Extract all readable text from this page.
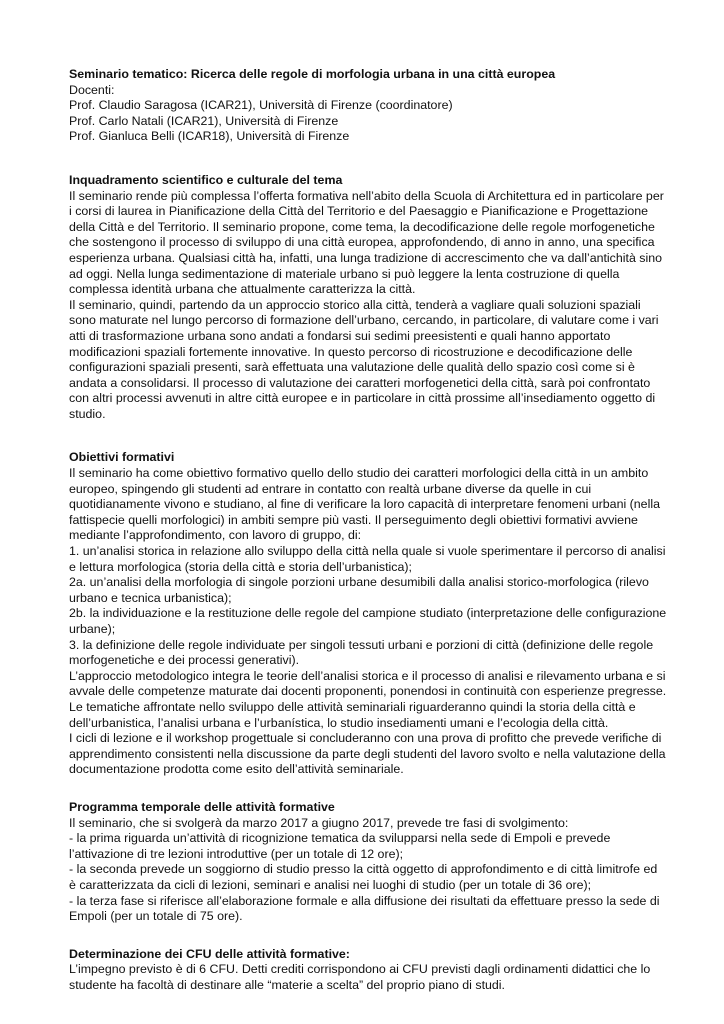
Seminario tematico: Ricerca delle regole di morfologia urbana in una città europea
Docenti:
Prof. Claudio Saragosa (ICAR21), Università di Firenze (coordinatore)
Prof. Carlo Natali (ICAR21), Università di Firenze
Prof. Gianluca Belli (ICAR18), Università di Firenze
Inquadramento scientifico e culturale del tema
Il seminario rende più complessa l’offerta formativa nell’abito della Scuola di Architettura ed in particolare per
i corsi di laurea in Pianificazione della Città del Territorio e del Paesaggio e Pianificazione e Progettazione
della Città e del Territorio. Il seminario propone, come tema, la decodificazione delle regole morfogenetiche
che sostengono il processo di sviluppo di una città europea, approfondendo, di anno in anno, una specifica
esperienza urbana. Qualsiasi città ha, infatti, una lunga tradizione di accrescimento che va dall’antichità sino
ad oggi. Nella lunga sedimentazione di materiale urbano si può leggere la lenta costruzione di quella
complessa identità urbana che attualmente caratterizza la città.
Il seminario, quindi, partendo da un approccio storico alla città, tenderà a vagliare quali soluzioni spaziali
sono maturate nel lungo percorso di formazione dell’urbano, cercando, in particolare, di valutare come i vari
atti di trasformazione urbana sono andati a fondarsi sui sedimi preesistenti e quali hanno apportato
modificazioni spaziali fortemente innovative. In questo percorso di ricostruzione e decodificazione delle
configurazioni spaziali presenti, sarà effettuata una valutazione delle qualità dello spazio così come si è
andata a consolidarsi. Il processo di valutazione dei caratteri morfogenetici della città, sarà poi confrontato
con altri processi avvenuti in altre città europee e in particolare in città prossime all’insediamento oggetto di
studio.
Obiettivi formativi
Il seminario ha come obiettivo formativo quello dello studio dei caratteri morfologici della città in un ambito
europeo, spingendo gli studenti ad entrare in contatto con realtà urbane diverse da quelle in cui
quotidianamente vivono e studiano, al fine di verificare la loro capacità di interpretare fenomeni urbani (nella
fattispecie quelli morfologici) in ambiti sempre più vasti. Il perseguimento degli obiettivi formativi avviene
mediante l’approfondimento, con lavoro di gruppo, di:
1. un’analisi storica in relazione allo sviluppo della città nella quale si vuole sperimentare il percorso di analisi
e lettura morfologica (storia della città e storia dell’urbanistica);
2a. un’analisi della morfologia di singole porzioni urbane desumibili dalla analisi storico-morfologica (rilevo
urbano e tecnica urbanistica);
2b. la individuazione e la restituzione delle regole del campione studiato (interpretazione delle configurazione
urbane);
3. la definizione delle regole individuate per singoli tessuti urbani e porzioni di città (definizione delle regole
morfogenetiche e dei processi generativi).
L’approccio metodologico integra le teorie dell’analisi storica e il processo di analisi e rilevamento urbana e si
avvale delle competenze maturate dai docenti proponenti, ponendosi in continuità con esperienze pregresse.
Le tematiche affrontate nello sviluppo delle attività seminariali riguarderanno quindi la storia della città e
dell’urbanistica, l’analisi urbana e l’urbanística, lo studio insediamenti umani e l’ecologia della città.
I cicli di lezione e il workshop progettuale si concluderanno con una prova di profitto che prevede verifiche di
apprendimento consistenti nella discussione da parte degli studenti del lavoro svolto e nella valutazione della
documentazione prodotta come esito dell’attività seminariale.
Programma temporale delle attività formative
Il seminario, che si svolgerà da marzo 2017 a giugno 2017, prevede tre fasi di svolgimento:
- la prima riguarda un’attività di ricognizione tematica da svilupparsi nella sede di Empoli e prevede
l’attivazione di tre lezioni introduttive (per un totale di 12 ore);
- la seconda prevede un soggiorno di studio presso la città oggetto di approfondimento e di città limitrofe ed
è caratterizzata da cicli di lezioni, seminari e analisi nei luoghi di studio (per un totale di 36 ore);
- la terza fase si riferisce all’elaborazione formale e alla diffusione dei risultati da effettuare presso la sede di
Empoli (per un totale di 75 ore).
Determinazione dei CFU delle attività formative:
L’impegno previsto è di 6 CFU. Detti crediti corrispondono ai CFU previsti dagli ordinamenti didattici che lo
studente ha facoltà di destinare alle “materie a scelta” del proprio piano di studi.
